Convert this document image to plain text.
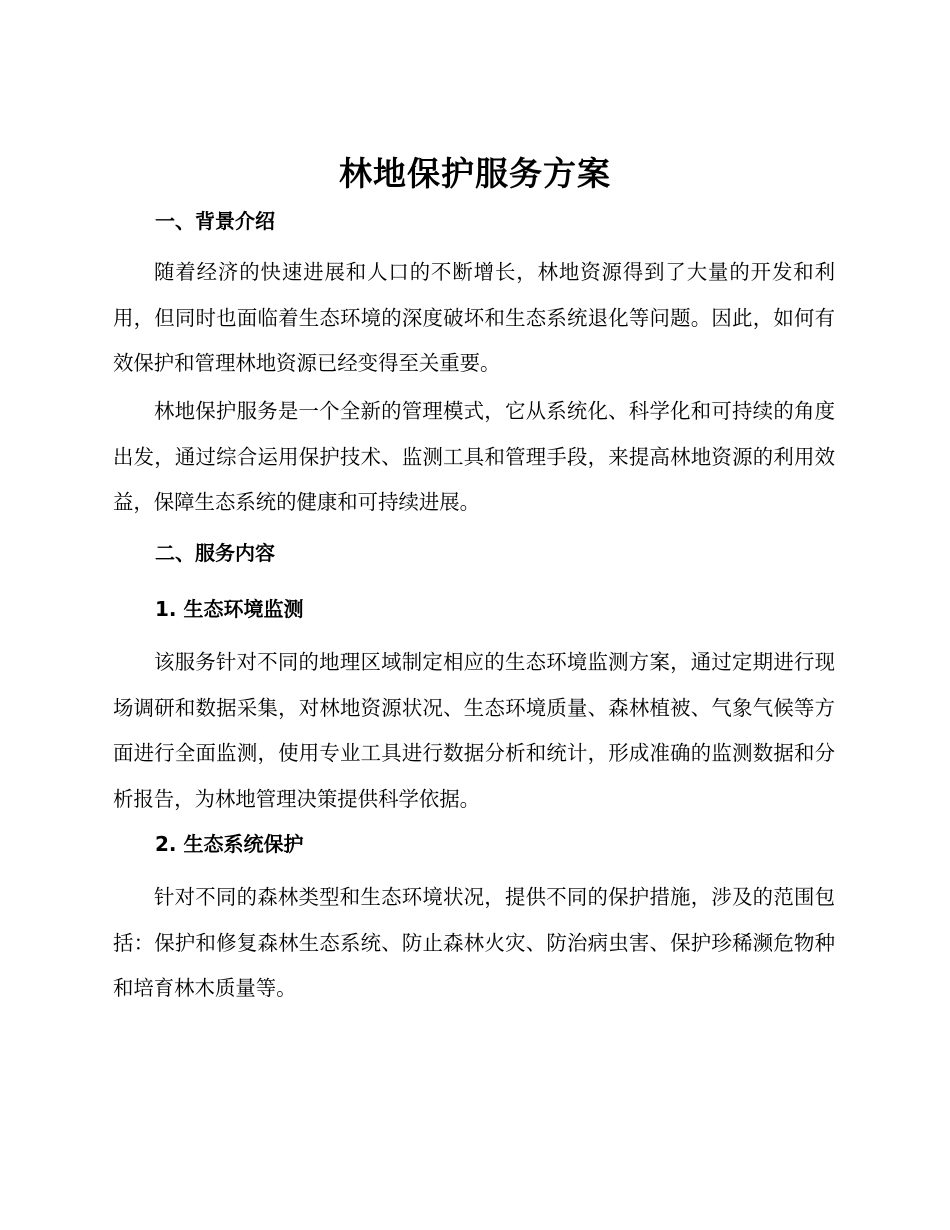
林地保护服务方案
一、背景介绍

随着经济的快速进展和人口的不断增长，林地资源得到了大量的开发和利用，但同时也面临着生态环境的深度破坏和生态系统退化等问题。因此，如何有效保护和管理林地资源已经变得至关重要。

林地保护服务是一个全新的管理模式，它从系统化、科学化和可持续的角度出发，通过综合运用保护技术、监测工具和管理手段，来提高林地资源的利用效益，保障生态系统的健康和可持续进展。

二、服务内容
1. 生态环境监测

该服务针对不同的地理区域制定相应的生态环境监测方案，通过定期进行现场调研和数据采集，对林地资源状况、生态环境质量、森林植被、气象气候等方面进行全面监测，使用专业工具进行数据分析和统计，形成准确的监测数据和分析报告，为林地管理决策提供科学依据。

2. 生态系统保护

针对不同的森林类型和生态环境状况，提供不同的保护措施，涉及的范围包括：保护和修复森林生态系统、防止森林火灾、防治病虫害、保护珍稀濒危物种和培育林木质量等。
